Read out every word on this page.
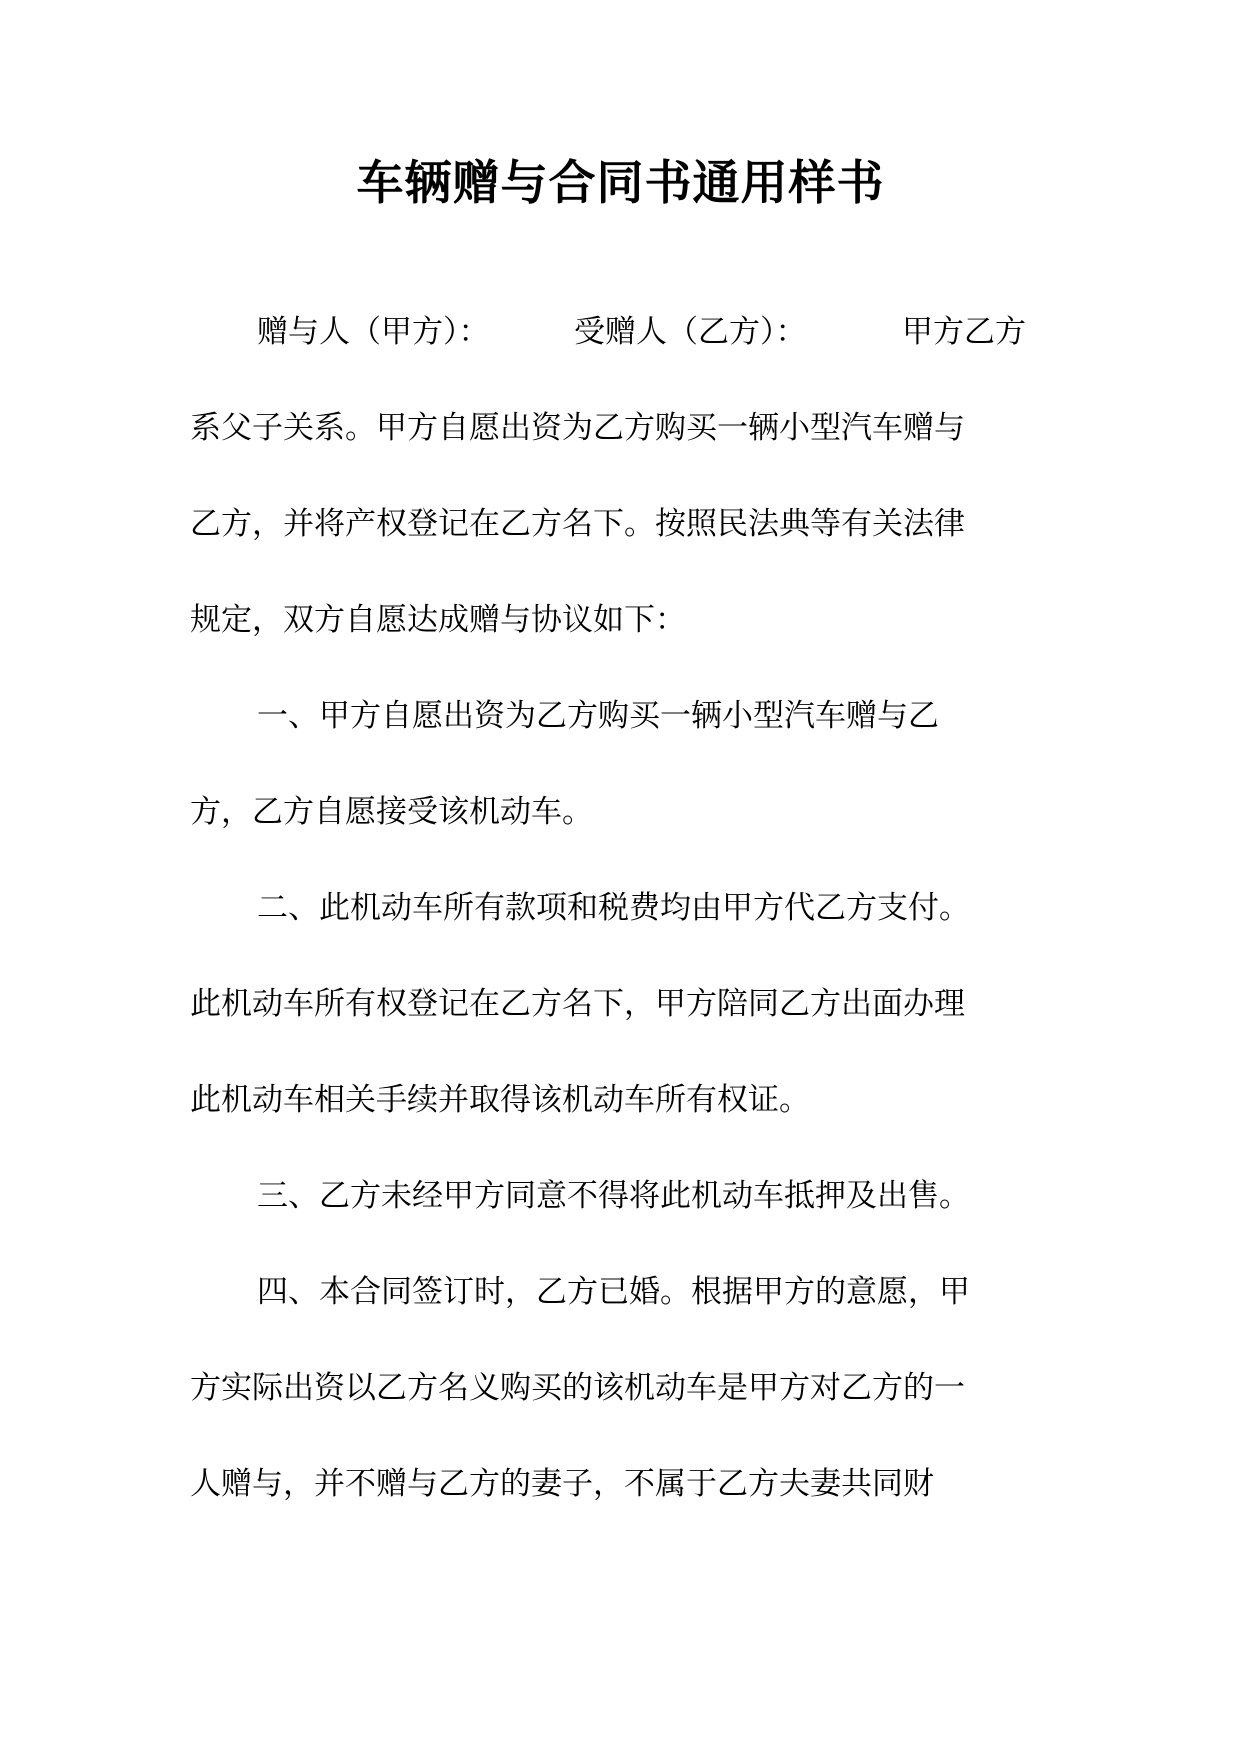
车辆赠与合同书通用样书
赠与人（甲方）：	受赠人（乙方）：	甲方乙方

系父子关系。甲方自愿出资为乙方购买一辆小型汽车赠与

乙方，并将产权登记在乙方名下。按照民法典等有关法律

规定，双方自愿达成赠与协议如下：

一、甲方自愿出资为乙方购买一辆小型汽车赠与乙

方，乙方自愿接受该机动车。

二、此机动车所有款项和税费均由甲方代乙方支付。

此机动车所有权登记在乙方名下，甲方陪同乙方出面办理

此机动车相关手续并取得该机动车所有权证。

三、乙方未经甲方同意不得将此机动车抵押及出售。

四、本合同签订时，乙方已婚。根据甲方的意愿，甲

方实际出资以乙方名义购买的该机动车是甲方对乙方的一

人赠与，并不赠与乙方的妻子，不属于乙方夫妻共同财
